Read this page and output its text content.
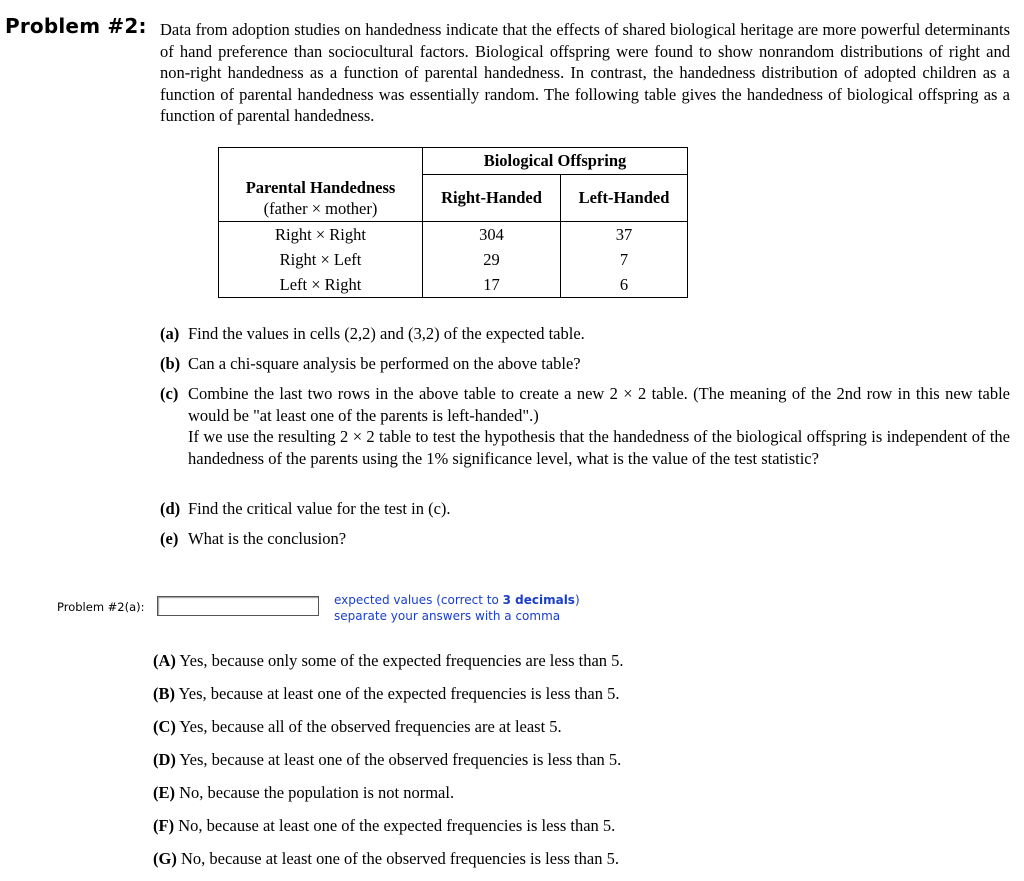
Problem #2: Data from adoption studies on handedness indicate that the effects of shared biological heritage are more powerful determinants of hand preference than sociocultural factors. Biological offspring were found to show nonrandom distributions of right and non-right handedness as a function of parental handedness. In contrast, the handedness distribution of adopted children as a function of parental handedness was essentially random. The following table gives the handedness of biological offspring as a function of parental handedness.
	Biological Offspring	

Parental Handedness
(father × mother)	Right-Handed	Left-Handed
Right × Right	304	37
Right × Left	29	7
Left × Right	17	6
(a) Find the values in cells (2,2) and (3,2) of the expected table.
(b) Can a chi-square analysis be performed on the above table?
(c) Combine the last two rows in the above table to create a new 2 × 2 table. (The meaning of the 2nd row in this new table would be "at least one of the parents is left-handed".)
If we use the resulting 2 × 2 table to test the hypothesis that the handedness of the biological offspring is independent of the handedness of the parents using the 1% significance level, what is the value of the test statistic?
(d) Find the critical value for the test in (c).
(e) What is the conclusion?
Problem #2(a):	expected values (correct to 3 decimals)
separate your answers with a comma
(A) Yes, because only some of the expected frequencies are less than 5.
(B) Yes, because at least one of the expected frequencies is less than 5.
(C) Yes, because all of the observed frequencies are at least 5.
(D) Yes, because at least one of the observed frequencies is less than 5.
(E) No, because the population is not normal.
(F) No, because at least one of the expected frequencies is less than 5.
(G) No, because at least one of the observed frequencies is less than 5.
